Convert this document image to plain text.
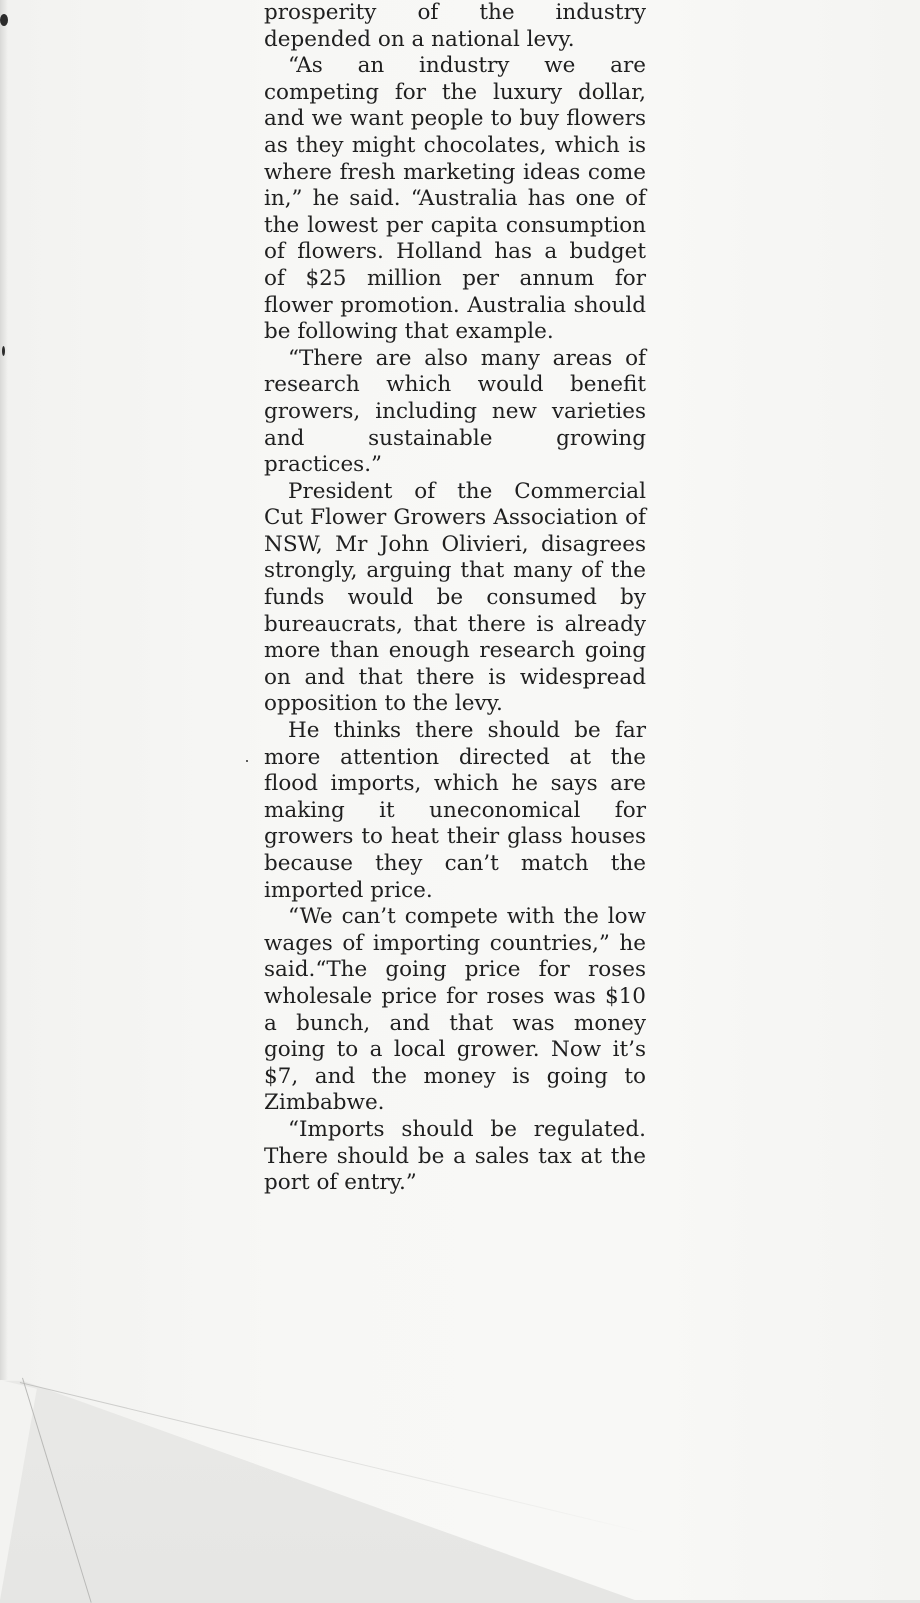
prosperity of the industry depended on a national levy.

“As an industry we are competing for the luxury dollar, and we want people to buy flowers as they might chocolates, which is where fresh marketing ideas come in,” he said. “Australia has one of the lowest per capita consumption of flowers. Holland has a budget of $25 million per annum for flower promotion. Australia should be following that example.

“There are also many areas of research which would benefit growers, including new varieties and sustainable growing practices.”

President of the Commercial Cut Flower Growers Association of NSW, Mr John Olivieri, disagrees strongly, arguing that many of the funds would be consumed by bureaucrats, that there is already more than enough research going on and that there is widespread opposition to the levy.

He thinks there should be far more attention directed at the flood imports, which he says are making it uneconomical for growers to heat their glass houses because they can’t match the imported price.

“We can’t compete with the low wages of importing countries,” he said.“The going price for roses wholesale price for roses was $10 a bunch, and that was money going to a local grower. Now it’s $7, and the money is going to Zimbabwe.

“Imports should be regulated. There should be a sales tax at the port of entry.”
